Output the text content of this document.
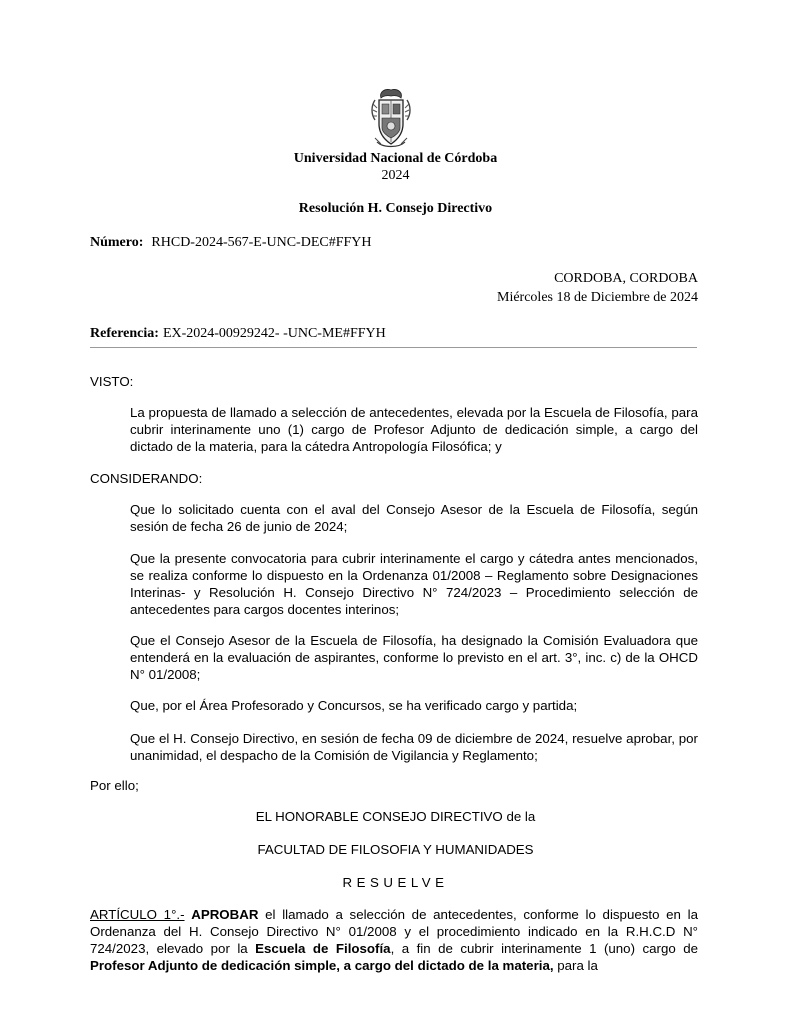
Universidad Nacional de Córdoba
2024
Resolución H. Consejo Directivo
Número: RHCD-2024-567-E-UNC-DEC#FFYH
CORDOBA, CORDOBA
Miércoles 18 de Diciembre de 2024
Referencia: EX-2024-00929242- -UNC-ME#FFYH
VISTO:
La propuesta de llamado a selección de antecedentes, elevada por la Escuela de Filosofía, para cubrir interinamente uno (1) cargo de Profesor Adjunto de dedicación simple, a cargo del dictado de la materia, para la cátedra Antropología Filosófica; y
CONSIDERANDO:
Que lo solicitado cuenta con el aval del Consejo Asesor de la Escuela de Filosofía, según sesión de fecha 26 de junio de 2024;
Que la presente convocatoria para cubrir interinamente el cargo y cátedra antes mencionados, se realiza conforme lo dispuesto en la Ordenanza 01/2008 – Reglamento sobre Designaciones Interinas- y Resolución H. Consejo Directivo N° 724/2023 – Procedimiento selección de antecedentes para cargos docentes interinos;
Que el Consejo Asesor de la Escuela de Filosofía, ha designado la Comisión Evaluadora que entenderá en la evaluación de aspirantes, conforme lo previsto en el art. 3°, inc. c) de la OHCD N° 01/2008;
Que, por el Área Profesorado y Concursos, se ha verificado cargo y partida;
Que el H. Consejo Directivo, en sesión de fecha 09 de diciembre de 2024, resuelve aprobar, por unanimidad, el despacho de la Comisión de Vigilancia y Reglamento;
Por ello;
EL HONORABLE CONSEJO DIRECTIVO de la
FACULTAD DE FILOSOFIA Y HUMANIDADES
RESUELVE
ARTÍCULO 1°.- APROBAR el llamado a selección de antecedentes, conforme lo dispuesto en la Ordenanza del H. Consejo Directivo N° 01/2008 y el procedimiento indicado en la R.H.C.D N° 724/2023, elevado por la Escuela de Filosofía, a fin de cubrir interinamente 1 (uno) cargo de Profesor Adjunto de dedicación simple, a cargo del dictado de la materia, para la
